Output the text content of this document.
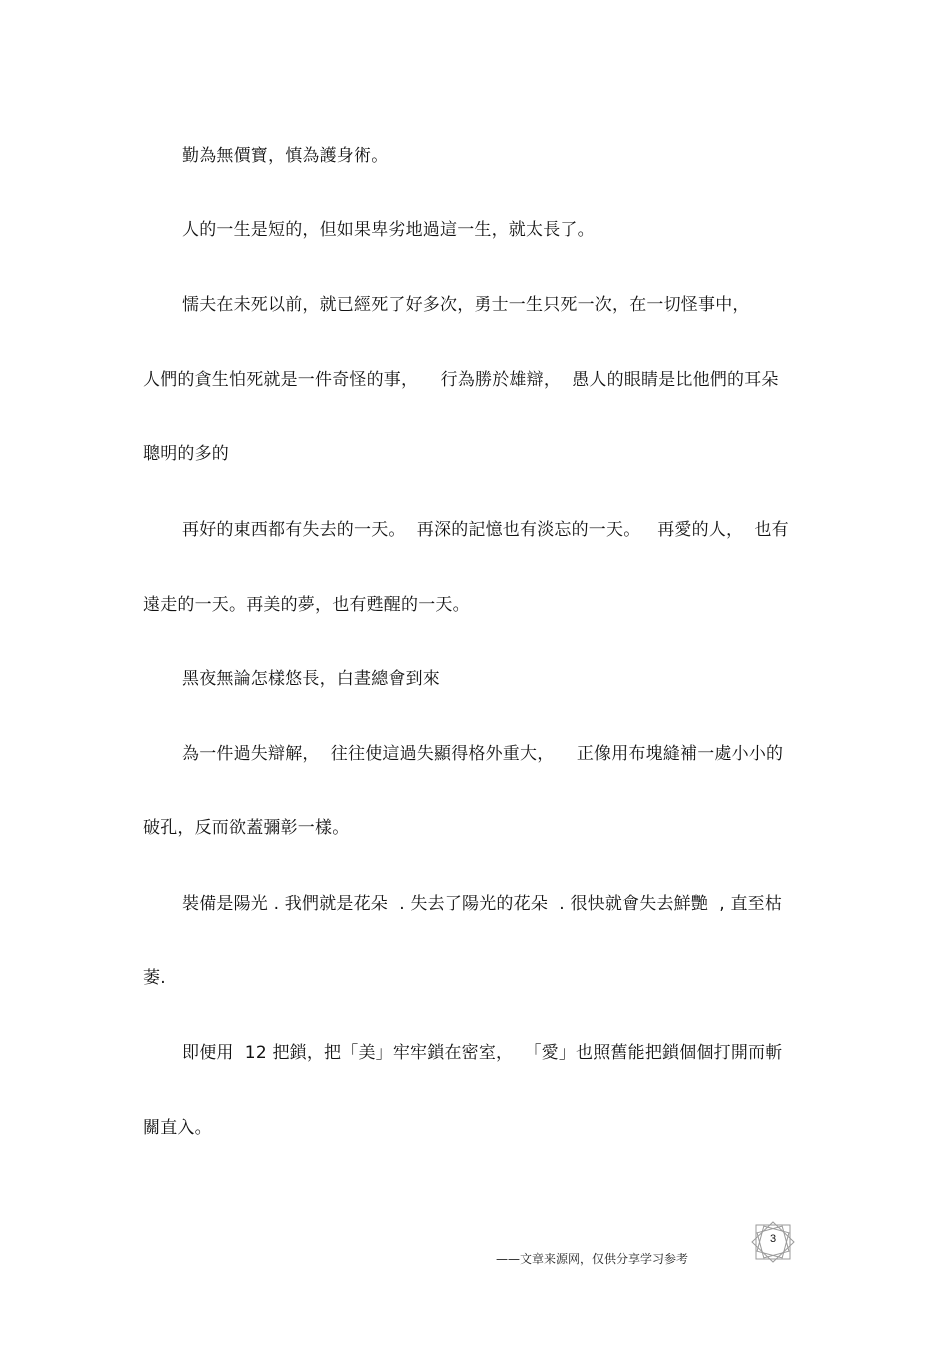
勤為無價寶，慎為護身術。
人的一生是短的，但如果卑劣地過這一生，就太長了。
懦夫在未死以前，就已經死了好多次，勇士一生只死一次，在一切怪事中，
人們的貪生怕死就是一件奇怪的事，    行為勝於雄辯，  愚人的眼睛是比他們的耳朵
聰明的多的
再好的東西都有失去的一天。  再深的記憶也有淡忘的一天。   再愛的人，  也有
遠走的一天。再美的夢，也有甦醒的一天。
黑夜無論怎樣悠長，白晝總會到來
為一件過失辯解，  往往使這過失顯得格外重大，    正像用布塊縫補一處小小的
破孔，反而欲蓋彌彰一樣。
裝備是陽光 . 我們就是花朵  . 失去了陽光的花朵  . 很快就會失去鮮艷  , 直至枯
萎.
即便用  12 把鎖，把「美」牢牢鎖在密室，  「愛」也照舊能把鎖個個打開而斬
關直入。
——文章来源网，仅供分享学习参考
3
